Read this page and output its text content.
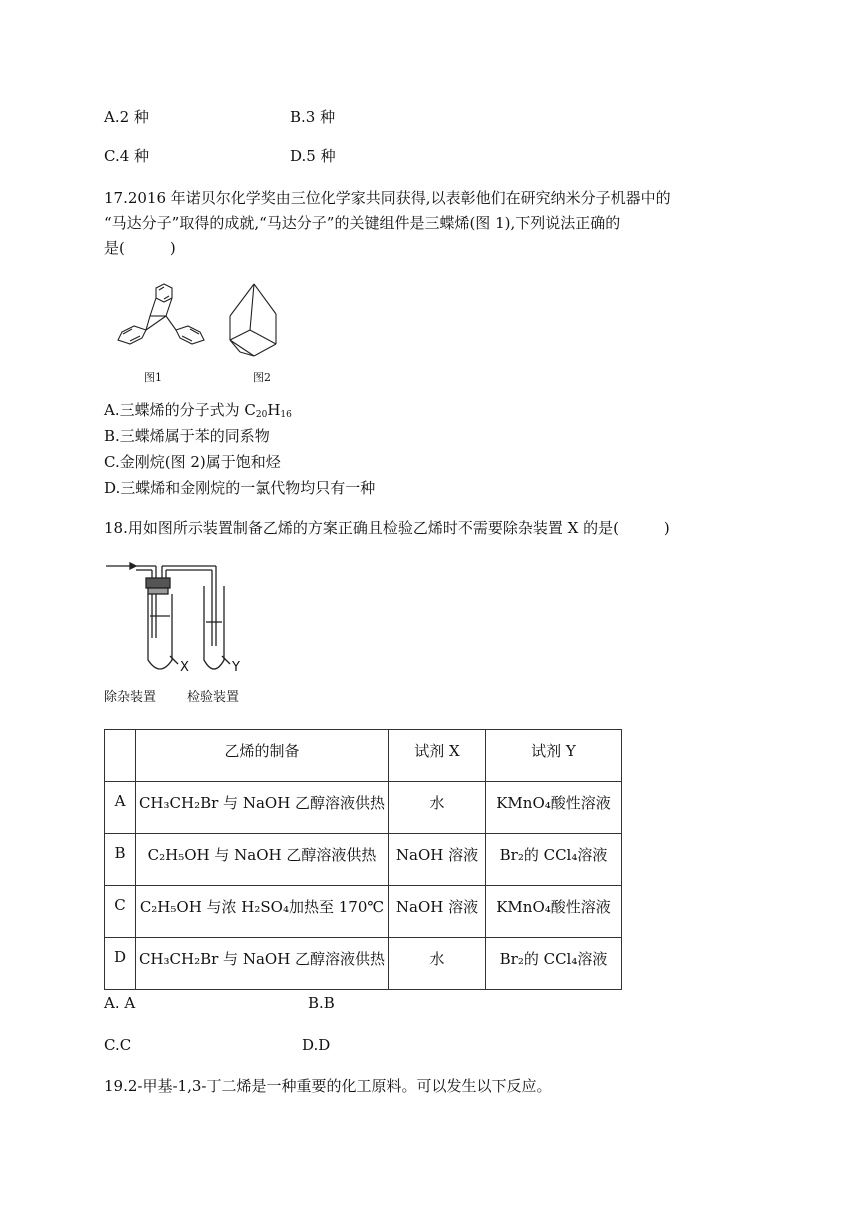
A.2 种	B.3 种
C.4 种	D.5 种
17.2016 年诺贝尔化学奖由三位化学家共同获得,以表彰他们在研究纳米分子机器中的
“马达分子”取得的成就,“马达分子”的关键组件是三蝶烯(图 1),下列说法正确的
是(　　　)
图1	图2
A.三蝶烯的分子式为 $C_{20}H_{16}$
B.三蝶烯属于苯的同系物
C.金刚烷(图 2)属于饱和烃
D.三蝶烯和金刚烷的一氯代物均只有一种
18.用如图所示装置制备乙烯的方案正确且检验乙烯时不需要除杂装置 X 的是(　　　)
X	Y
除杂装置 检验装置
	乙烯的制备	试剂 X	试剂 Y
A	CH₃CH₂Br 与 NaOH 乙醇溶液供热	水	KMnO₄酸性溶液
B	C₂H₅OH 与 NaOH 乙醇溶液供热	NaOH 溶液	Br₂的 CCl₄溶液
C	C₂H₅OH 与浓 H₂SO₄加热至 170℃	NaOH 溶液	KMnO₄酸性溶液
D	CH₃CH₂Br 与 NaOH 乙醇溶液供热	水	Br₂的 CCl₄溶液
A. A	B.B
C.C	D.D
19.2-甲基-1,3-丁二烯是一种重要的化工原料。可以发生以下反应。
